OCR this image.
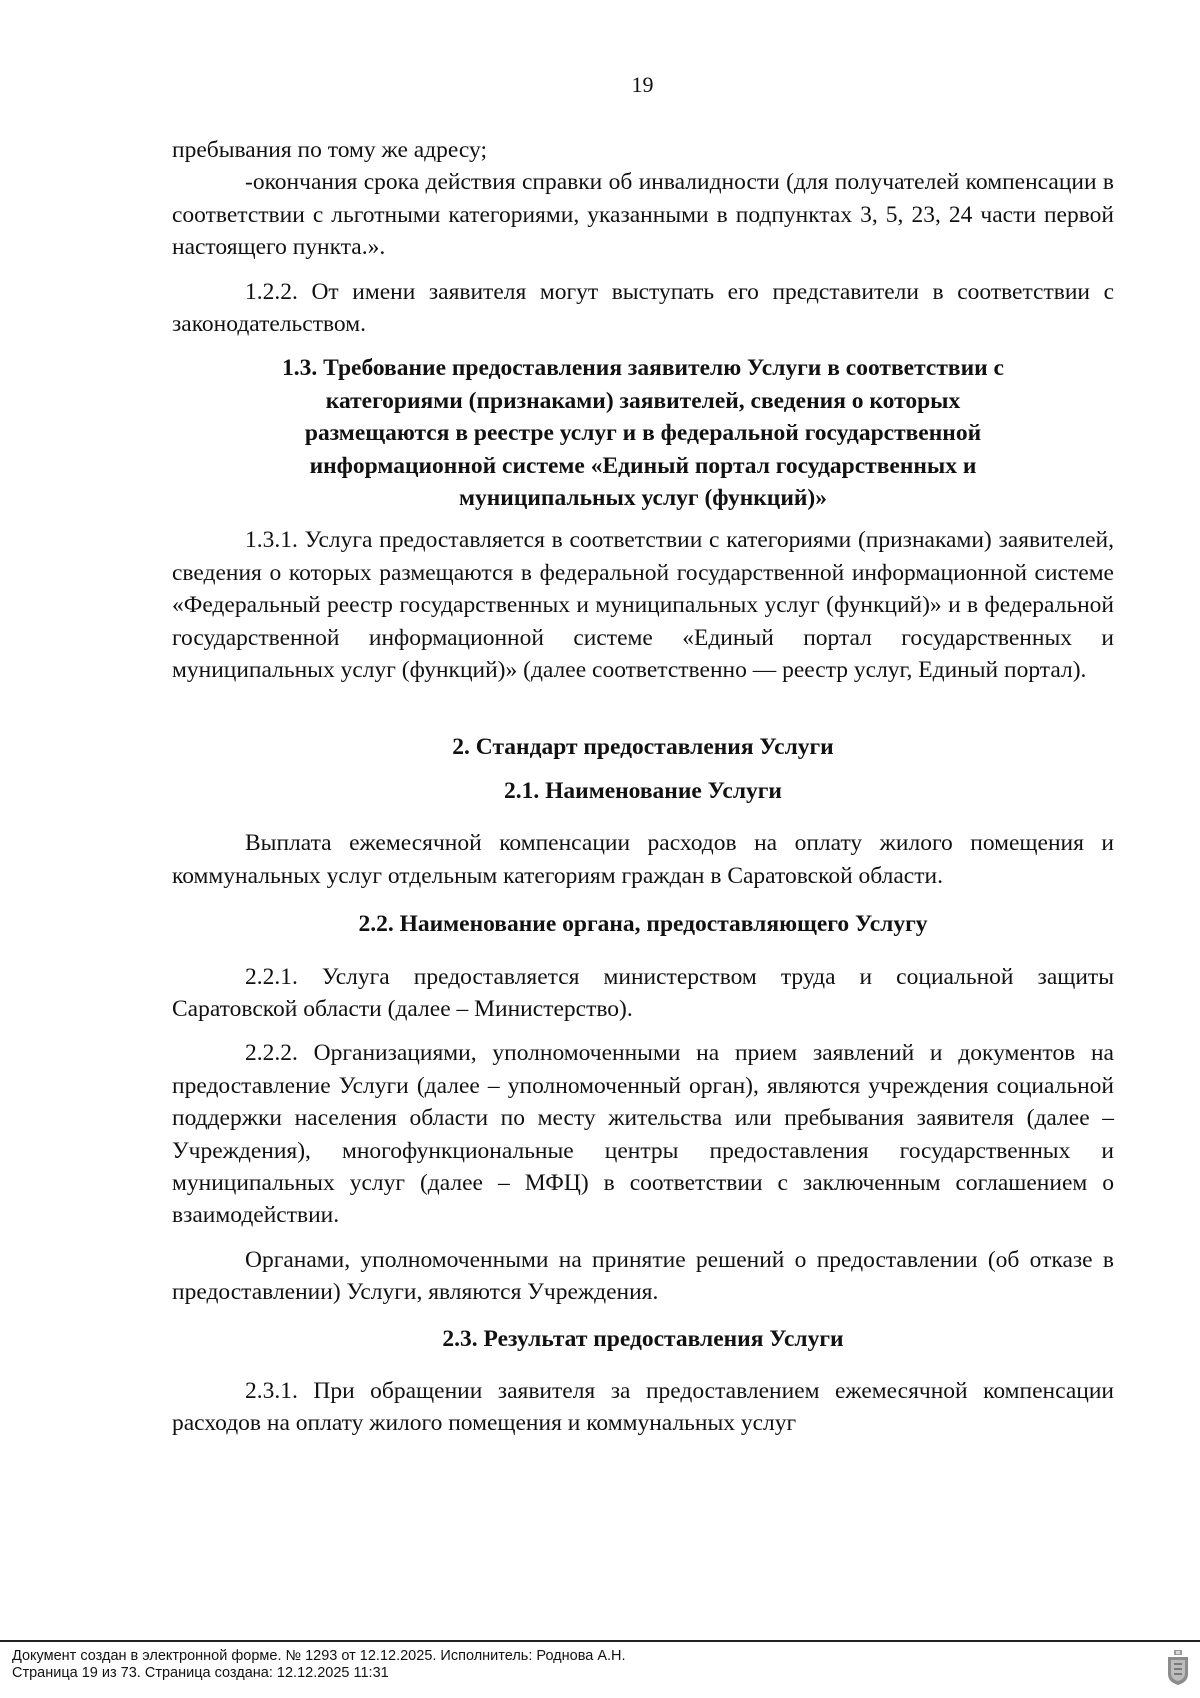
19

пребывания по тому же адресу;

-окончания срока действия справки об инвалидности (для получателей компенсации в соответствии с льготными категориями, указанными в подпунктах 3, 5, 23, 24 части первой настоящего пункта.».

1.2.2. От имени заявителя могут выступать его представители в соответствии с законодательством.

1.3. Требование предоставления заявителю Услуги в соответствии с
категориями (признаками) заявителей, сведения о которых
размещаются в реестре услуг и в федеральной государственной
информационной системе «Единый портал государственных и
муниципальных услуг (функций)»

1.3.1. Услуга предоставляется в соответствии с категориями (признаками) заявителей, сведения о которых размещаются в федеральной государственной информационной системе «Федеральный реестр государственных и муниципальных услуг (функций)» и в федеральной государственной информационной системе «Единый портал государственных и муниципальных услуг (функций)» (далее соответственно — реестр услуг, Единый портал).

2. Стандарт предоставления Услуги
2.1. Наименование Услуги

Выплата ежемесячной компенсации расходов на оплату жилого помещения и коммунальных услуг отдельным категориям граждан в Саратовской области.

2.2. Наименование органа, предоставляющего Услугу

2.2.1. Услуга предоставляется министерством труда и социальной защиты Саратовской области (далее – Министерство).

2.2.2. Организациями, уполномоченными на прием заявлений и документов на предоставление Услуги (далее – уполномоченный орган), являются учреждения социальной поддержки населения области по месту жительства или пребывания заявителя (далее – Учреждения), многофункциональные центры предоставления государственных и муниципальных услуг (далее – МФЦ) в соответствии с заключенным соглашением о взаимодействии.

Органами, уполномоченными на принятие решений о предоставлении (об отказе в предоставлении) Услуги, являются Учреждения.

2.3. Результат предоставления Услуги

2.3.1. При обращении заявителя за предоставлением ежемесячной компенсации расходов на оплату жилого помещения и коммунальных услуг

Документ создан в электронной форме. № 1293 от 12.12.2025. Исполнитель: Роднова А.Н.
Страница 19 из 73. Страница создана: 12.12.2025 11:31
